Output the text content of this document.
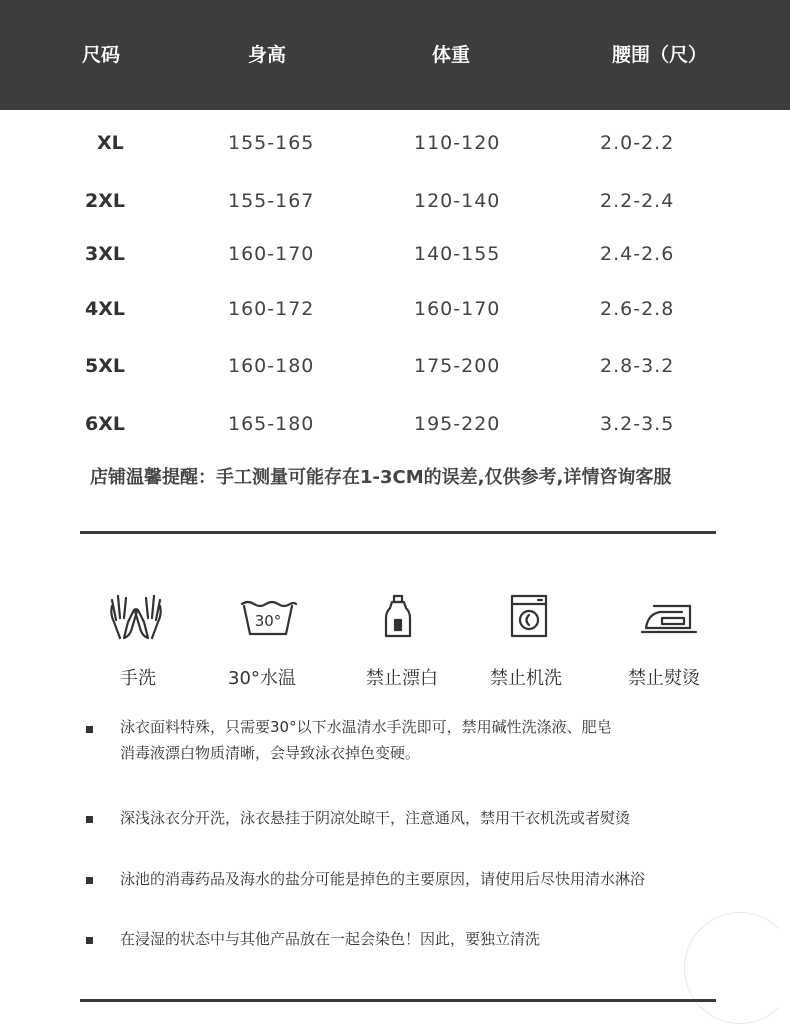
尺码	身高	体重	腰围（尺）
XL	155-165	110-120	2.0-2.2
2XL	155-167	120-140	2.2-2.4
3XL	160-170	140-155	2.4-2.6
4XL	160-172	160-170	2.6-2.8
5XL	160-180	175-200	2.8-3.2
6XL	165-180	195-220	3.2-3.5
店铺温馨提醒：手工测量可能存在1-3CM的误差,仅供参考,详情咨询客服
30°
手洗	30°水温	禁止漂白	禁止机洗	禁止熨烫
泳衣面料特殊，只需要30°以下水温清水手洗即可，禁用碱性洗涤液、肥皂
消毒液漂白物质清晰，会导致泳衣掉色变硬。
深浅泳衣分开洗，泳衣悬挂于阴凉处晾干，注意通风，禁用干衣机洗或者熨烫
泳池的消毒药品及海水的盐分可能是掉色的主要原因，请使用后尽快用清水淋浴
在浸湿的状态中与其他产品放在一起会染色！因此，要独立清洗
